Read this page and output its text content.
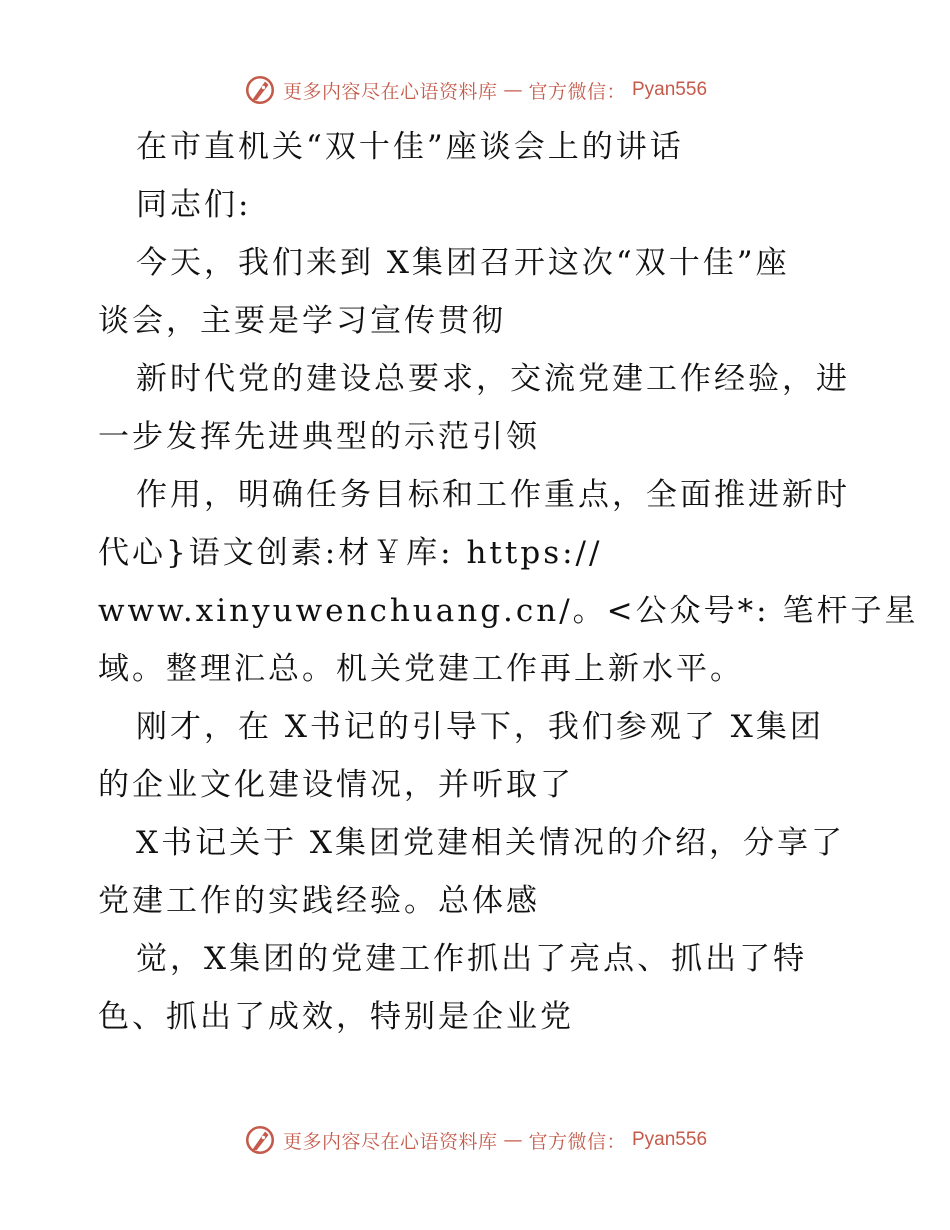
更多内容尽在心语资料库 — 官方微信： Pyan556
在市直机关“双十佳”座谈会上的讲话
同志们:
今天，我们来到 X集团召开这次“双十佳”座
谈会，主要是学习宣传贯彻
新时代党的建设总要求，交流党建工作经验，进
一步发挥先进典型的示范引领
作用，明确任务目标和工作重点，全面推进新时
代心}语文创素:材￥库: https://
www.xinyuwenchuang.cn/。<公众号*: 笔杆子星
域。整理汇总。机关党建工作再上新水平。
刚才，在 X书记的引导下，我们参观了 X集团
的企业文化建设情况，并听取了
X书记关于 X集团党建相关情况的介绍，分享了
党建工作的实践经验。总体感
觉，X集团的党建工作抓出了亮点、抓出了特
色、抓出了成效，特别是企业党
更多内容尽在心语资料库 — 官方微信： Pyan556
